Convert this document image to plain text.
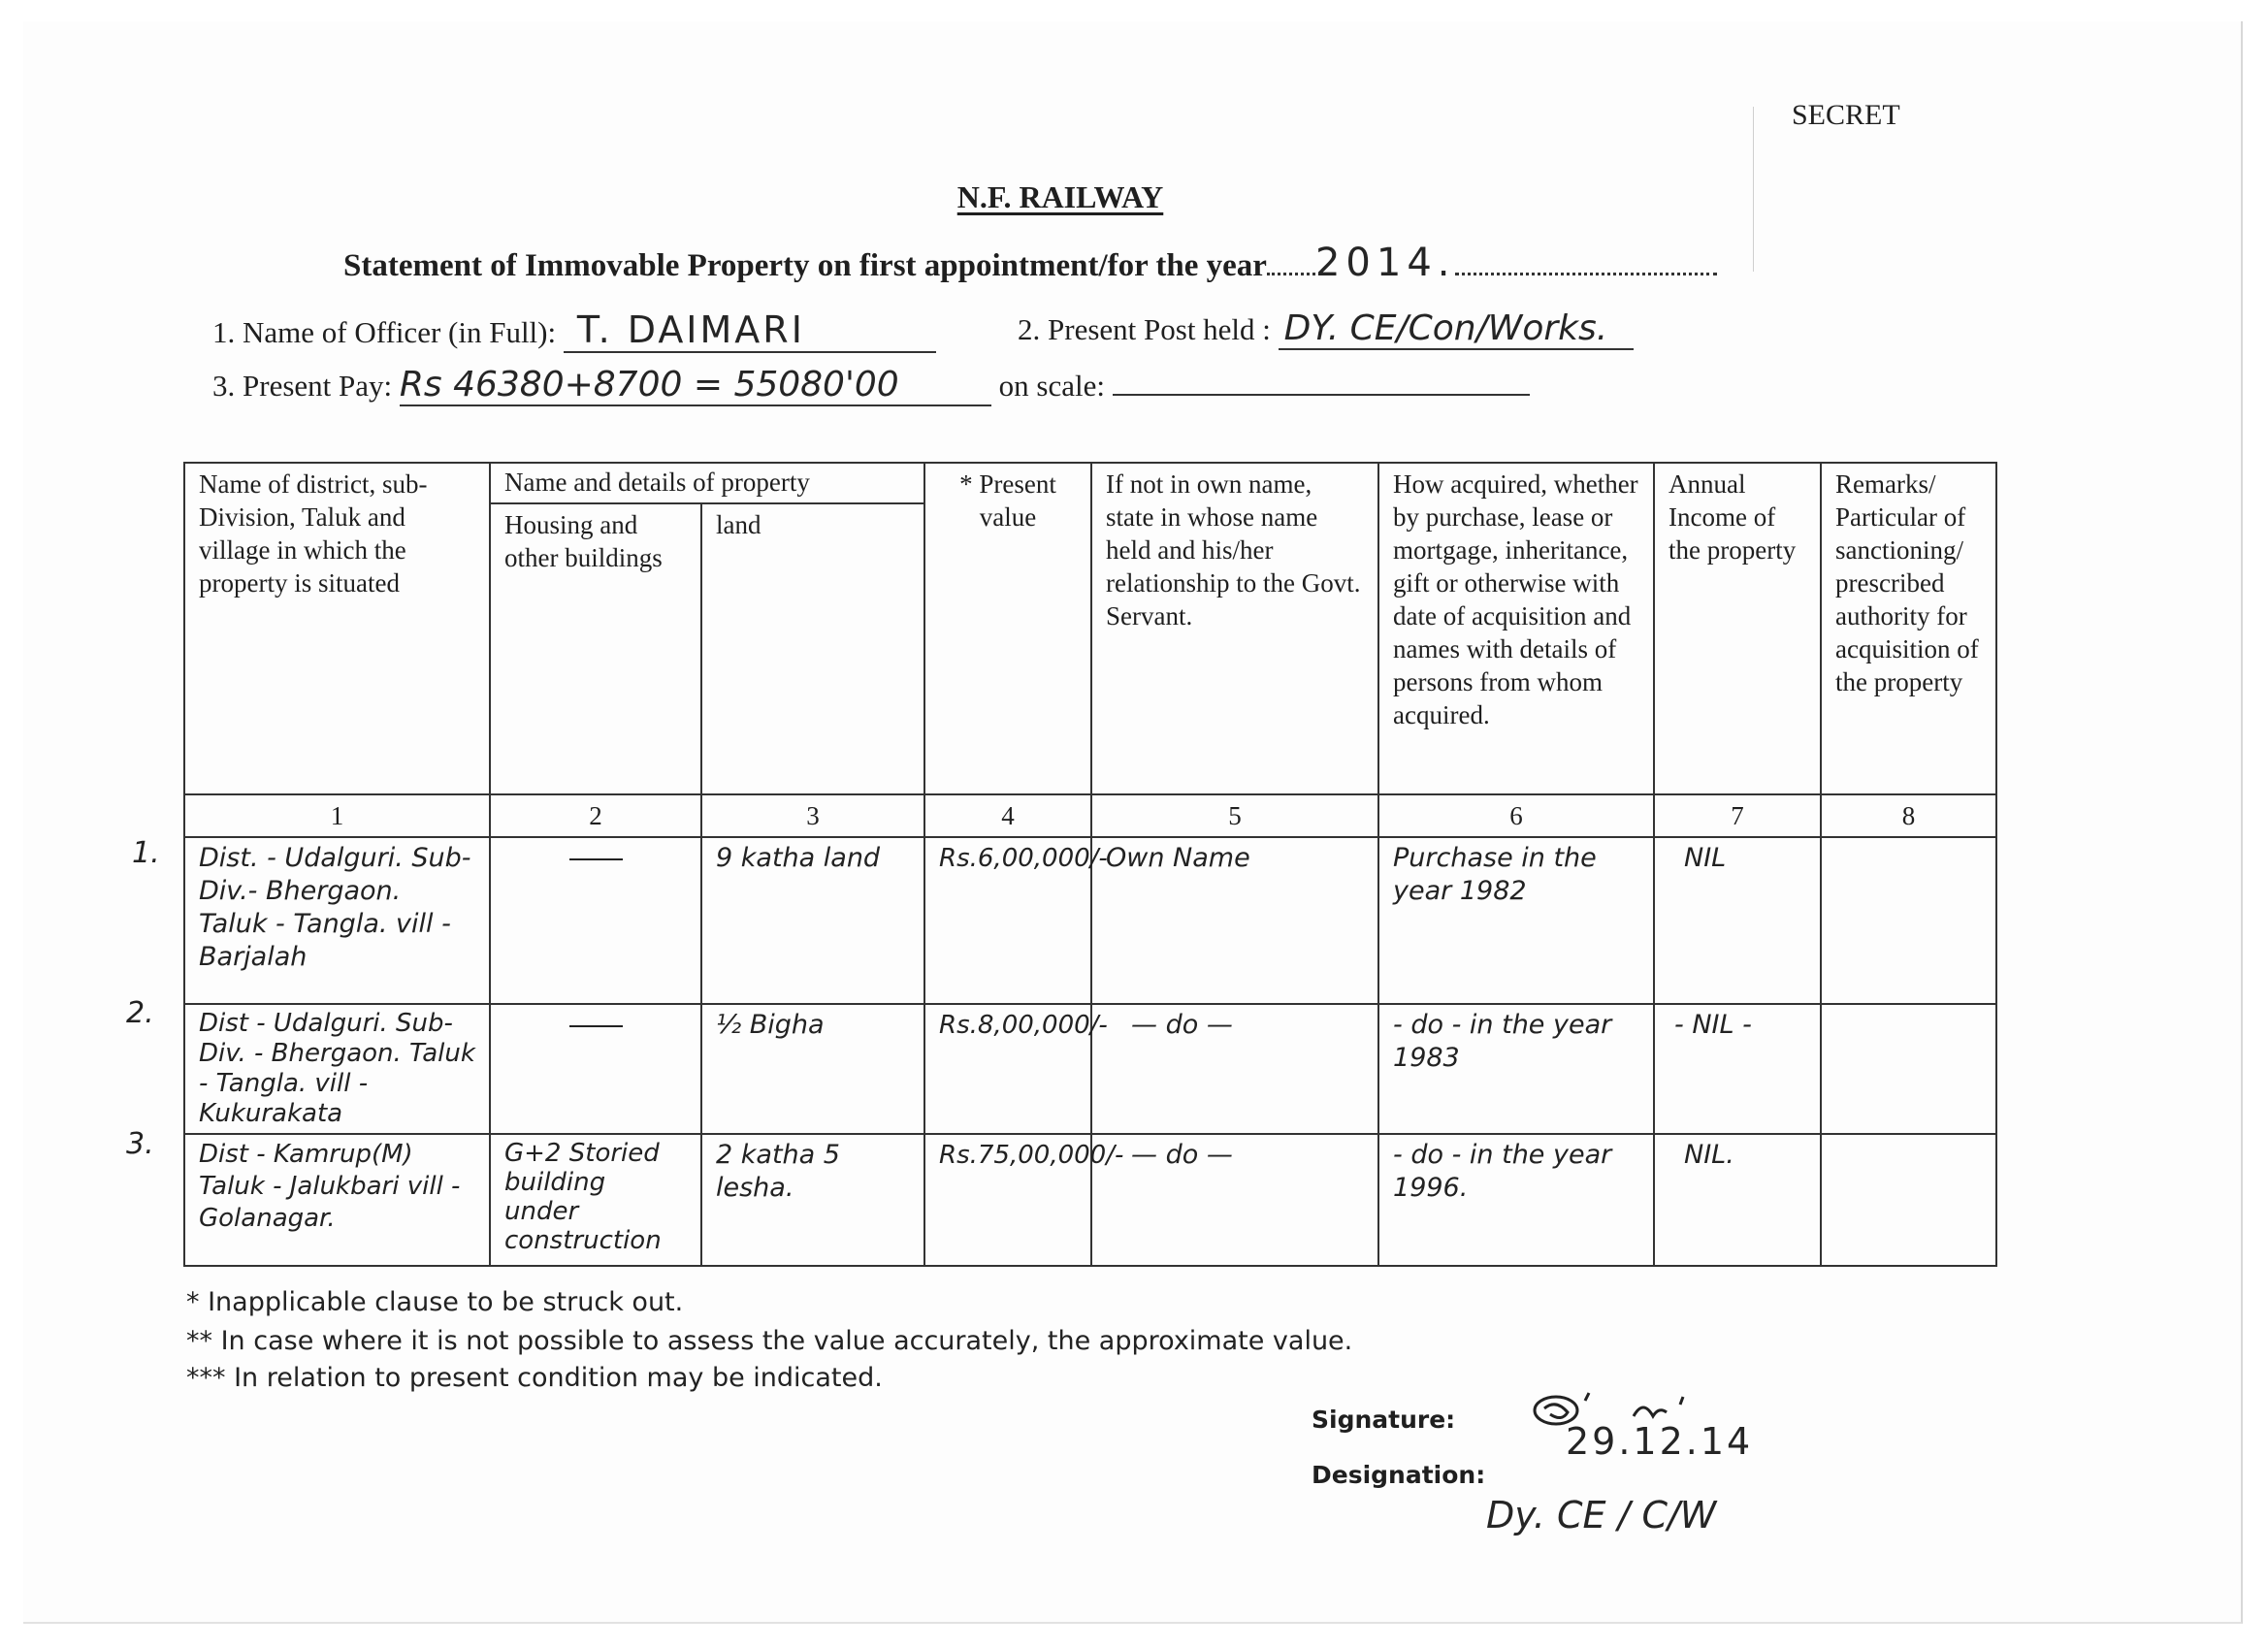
SECRET
N.F. RAILWAY
Statement of Immovable Property on first appointment/for the year 2014.
1. Name of Officer (in Full): T. DAIMARI	2. Present Post held : DY. CE/Con/Works.
3. Present Pay: Rs 46380+8700 = 55080'00	on scale:
Name of district, sub-Division, Taluk and village in which the property is situated	Name and details of property		* Present value	If not in own name, state in whose name held and his/her relationship to the Govt. Servant.	How acquired, whether by purchase, lease or mortgage, inheritance, gift or otherwise with date of acquisition and names with details of persons from whom acquired.	Annual Income of the property	Remarks/ Particular of sanctioning/ prescribed authority for acquisition of the property
	Housing and other buildings	land					
1	2	3	4	5	6	7	8
Dist. - Udalguri. Sub-Div.- Bhergaon. Taluk - Tangla. vill - Barjalah		9 katha land	Rs.6,00,000/-	Own Name	Purchase in the year 1982	NIL	
Dist - Udalguri. Sub-Div. - Bhergaon. Taluk - Tangla. vill - Kukurakata		½ Bigha	Rs.8,00,000/-	— do —	- do - in the year 1983	- NIL -	
Dist - Kamrup(M) Taluk - Jalukbari vill - Golanagar.	G+2 Storied building under construction	2 katha 5 lesha.	Rs.75,00,000/-	— do —	- do - in the year 1996.	NIL.	
1.
2.
3.
* Inapplicable clause to be struck out.
** In case where it is not possible to assess the value accurately, the approximate value.
*** In relation to present condition may be indicated.
Signature:
29.12.14
Designation:
Dy. CE / C/W
